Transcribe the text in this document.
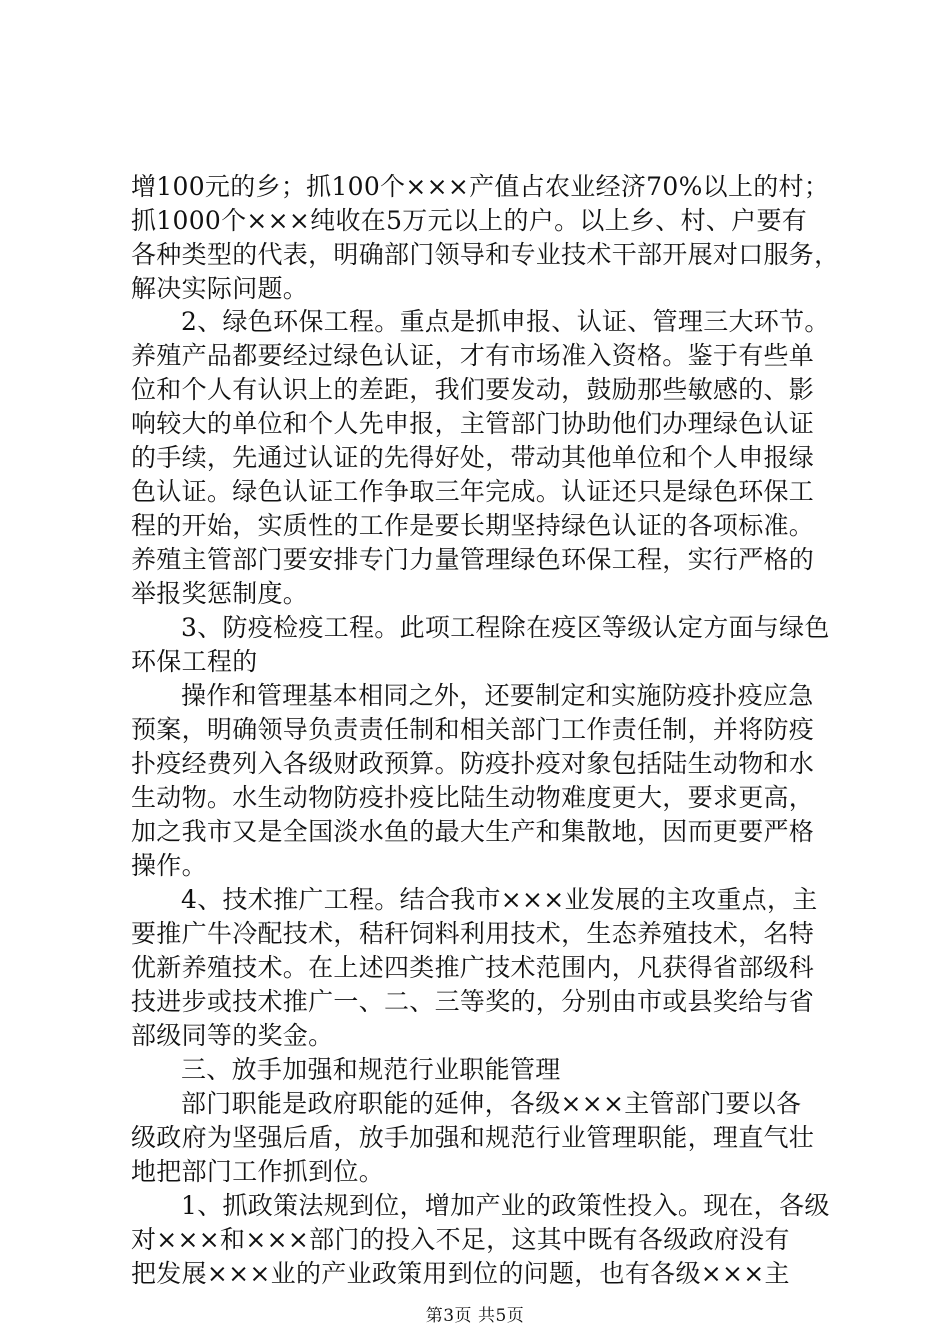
增100元的乡；抓100个×××产值占农业经济70%以上的村；
抓1000个×××纯收在5万元以上的户。以上乡、村、户要有
各种类型的代表，明确部门领导和专业技术干部开展对口服务，
解决实际问题。
2、绿色环保工程。重点是抓申报、认证、管理三大环节。
养殖产品都要经过绿色认证，才有市场准入资格。鉴于有些单
位和个人有认识上的差距，我们要发动，鼓励那些敏感的、影
响较大的单位和个人先申报，主管部门协助他们办理绿色认证
的手续，先通过认证的先得好处，带动其他单位和个人申报绿
色认证。绿色认证工作争取三年完成。认证还只是绿色环保工
程的开始，实质性的工作是要长期坚持绿色认证的各项标准。
养殖主管部门要安排专门力量管理绿色环保工程，实行严格的
举报奖惩制度。
3、防疫检疫工程。此项工程除在疫区等级认定方面与绿色
环保工程的
操作和管理基本相同之外，还要制定和实施防疫扑疫应急
预案，明确领导负责责任制和相关部门工作责任制，并将防疫
扑疫经费列入各级财政预算。防疫扑疫对象包括陆生动物和水
生动物。水生动物防疫扑疫比陆生动物难度更大，要求更高，
加之我市又是全国淡水鱼的最大生产和集散地，因而更要严格
操作。
4、技术推广工程。结合我市×××业发展的主攻重点，主
要推广牛冷配技术，秸秆饲料利用技术，生态养殖技术，名特
优新养殖技术。在上述四类推广技术范围内，凡获得省部级科
技进步或技术推广一、二、三等奖的，分别由市或县奖给与省
部级同等的奖金。
三、放手加强和规范行业职能管理
部门职能是政府职能的延伸，各级×××主管部门要以各
级政府为坚强后盾，放手加强和规范行业管理职能，理直气壮
地把部门工作抓到位。
1、抓政策法规到位，增加产业的政策性投入。现在，各级
对×××和×××部门的投入不足，这其中既有各级政府没有
把发展×××业的产业政策用到位的问题，也有各级×××主
第3页 共5页
